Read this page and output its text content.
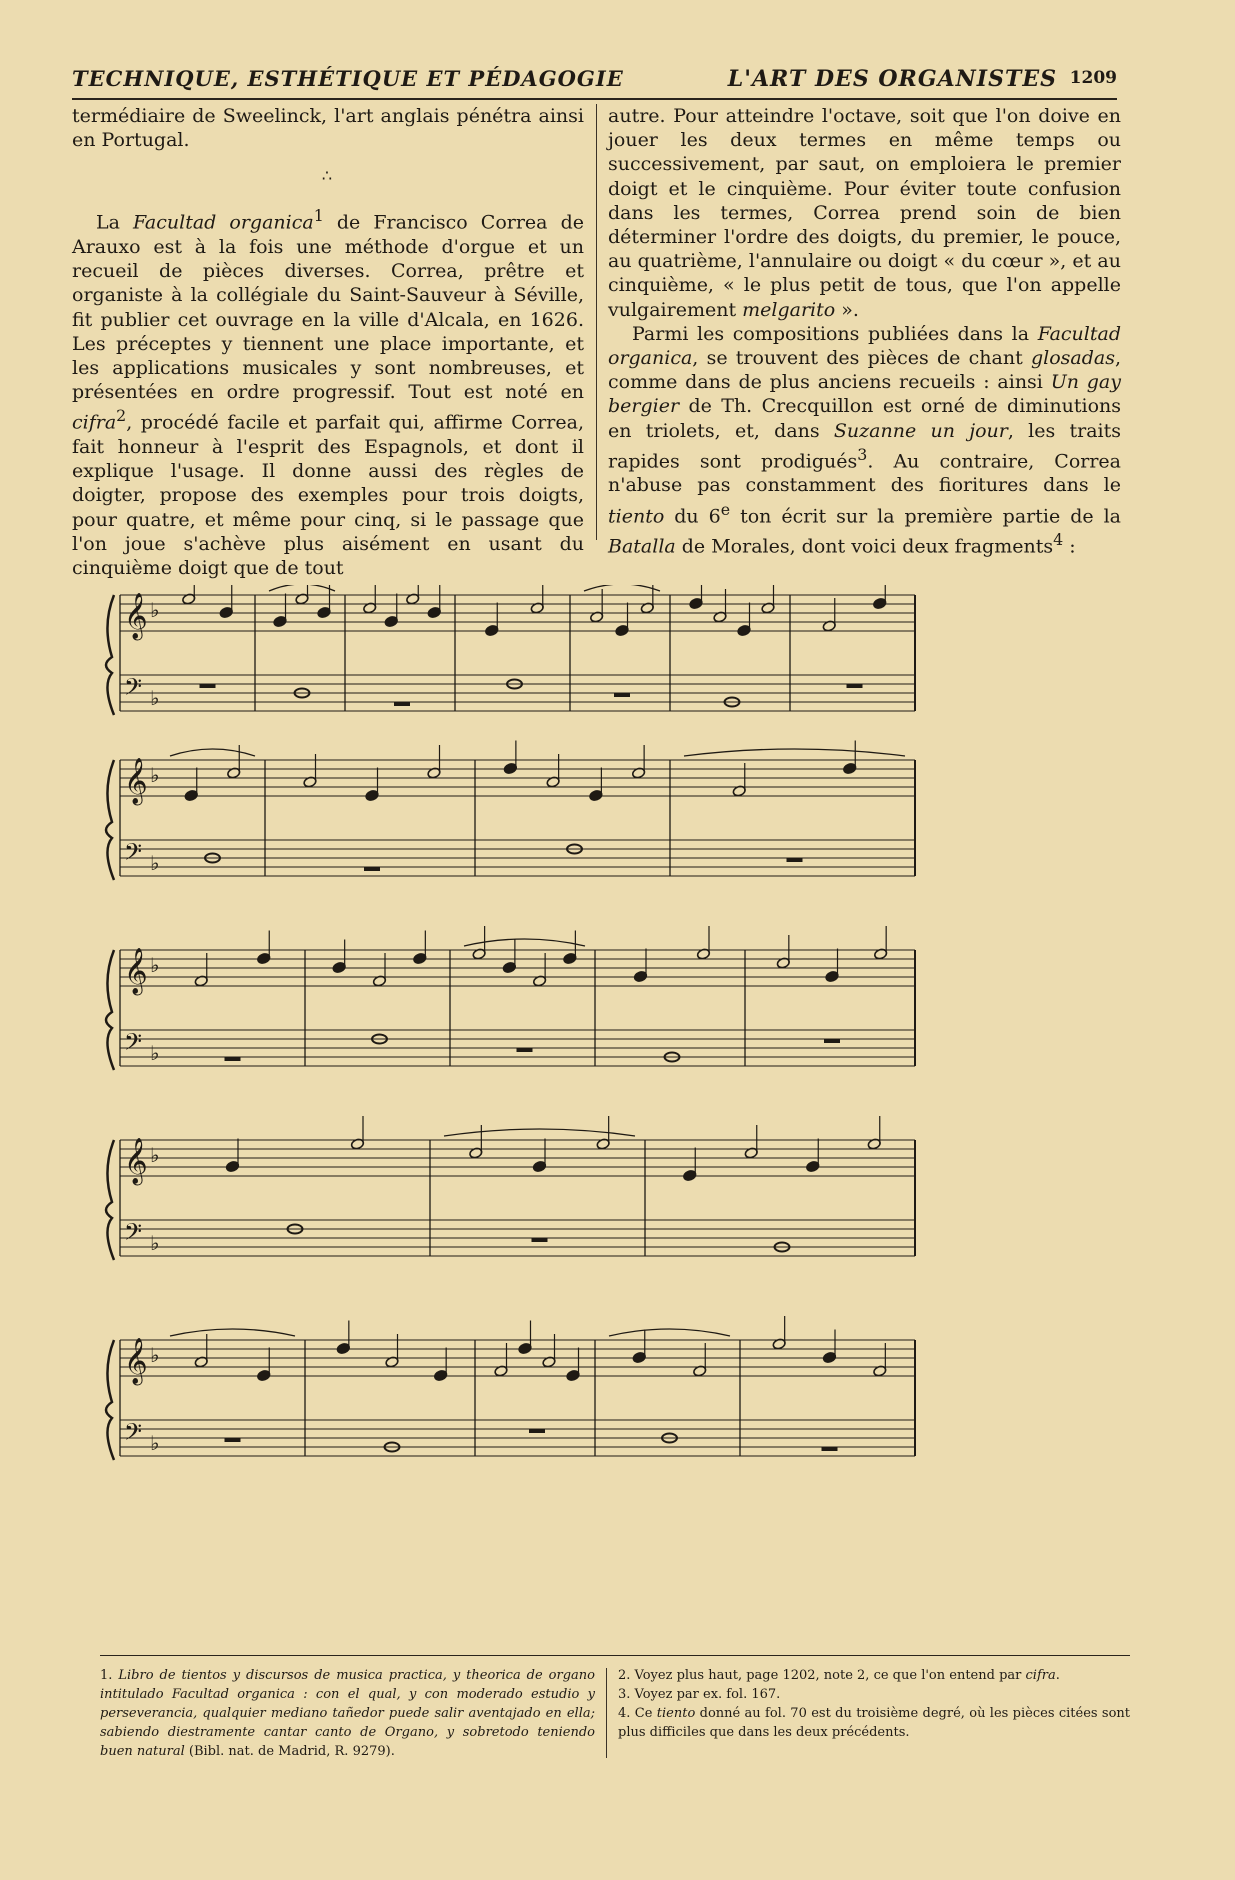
TECHNIQUE, ESTHÉTIQUE ET PÉDAGOGIE	L'ART DES ORGANISTES 1209

termédiaire de Sweelinck, l'art anglais pénétra ainsi en Portugal.

∴

La Facultad organica$^1$ de Francisco Correa de Arauxo est à la fois une méthode d'orgue et un recueil de pièces diverses. Correa, prêtre et organiste à la collégiale du Saint-Sauveur à Séville, fit publier cet ouvrage en la ville d'Alcala, en 1626. Les préceptes y tiennent une place importante, et les applications musicales y sont nombreuses, et présentées en ordre progressif. Tout est noté en cifra$^2$, procédé facile et parfait qui, affirme Correa, fait honneur à l'esprit des Espagnols, et dont il explique l'usage. Il donne aussi des règles de doigter, propose des exemples pour trois doigts, pour quatre, et même pour cinq, si le passage que l'on joue s'achève plus aisément en usant du cinquième doigt que de tout

autre. Pour atteindre l'octave, soit que l'on doive en jouer les deux termes en même temps ou successivement, par saut, on emploiera le premier doigt et le cinquième. Pour éviter toute confusion dans les termes, Correa prend soin de bien déterminer l'ordre des doigts, du premier, le pouce, au quatrième, l'annulaire ou doigt « du cœur », et au cinquième, « le plus petit de tous, que l'on appelle vulgairement melgarito ».

Parmi les compositions publiées dans la Facultad organica, se trouvent des pièces de chant glosadas, comme dans de plus anciens recueils : ainsi Un gay bergier de Th. Crecquillon est orné de diminutions en triolets, et, dans Suzanne un jour, les traits rapides sont prodigués$^3$. Au contraire, Correa n'abuse pas constamment des fioritures dans le tiento du 6e ton écrit sur la première partie de la Batalla de Morales, dont voici deux fragments$^4$ :

𝄞 ♭
𝄢 ♭
𝄞 ♭
𝄢 ♭
𝄞 ♭
𝄢 ♭
𝄞 ♭
𝄢 ♭
𝄞 ♭
𝄢 ♭
1. Libro de tientos y discursos de musica practica, y theorica de organo intitulado Facultad organica : con el qual, y con moderado estudio y perseverancia, qualquier mediano tañedor puede salir aventajado en ella; sabiendo diestramente cantar canto de Organo, y sobretodo teniendo buen natural (Bibl. nat. de Madrid, R. 9279).

2. Voyez plus haut, page 1202, note 2, ce que l'on entend par cifra.

3. Voyez par ex. fol. 167.

4. Ce tiento donné au fol. 70 est du troisième degré, où les pièces citées sont plus difficiles que dans les deux précédents.
